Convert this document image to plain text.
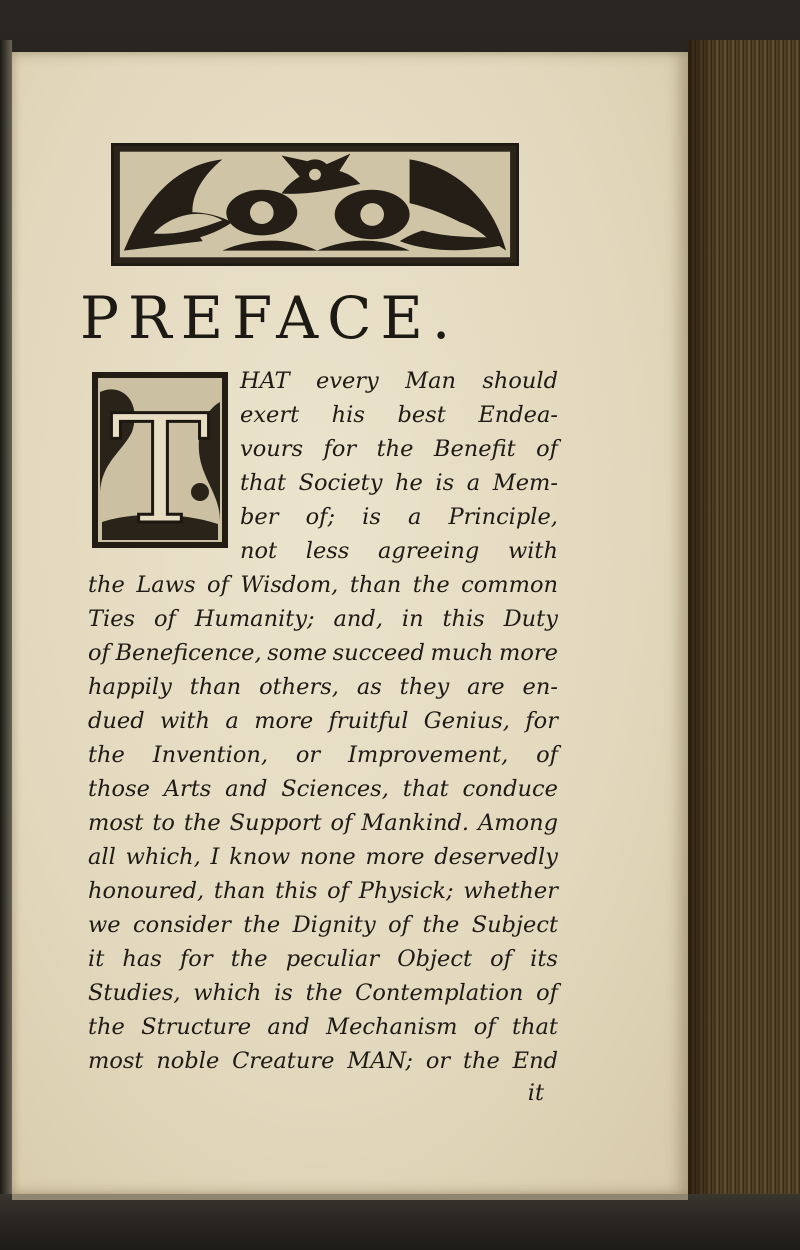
PREFACE.
T
HAT every Man should
exert his best Endea-
vours for the Benefit of
that Society he is a Mem-
ber of; is a Principle,
not less agreeing with
the Laws of Wisdom, than the common
Ties of Humanity; and, in this Duty
of Beneficence, some succeed much more
happily than others, as they are en-
dued with a more fruitful Genius, for
the Invention, or Improvement, of
those Arts and Sciences, that conduce
most to the Support of Mankind. Among
all which, I know none more deservedly
honoured, than this of Physick; whether
we consider the Dignity of the Subject
it has for the peculiar Object of its
Studies, which is the Contemplation of
the Structure and Mechanism of that
most noble Creature MAN; or the End
it
